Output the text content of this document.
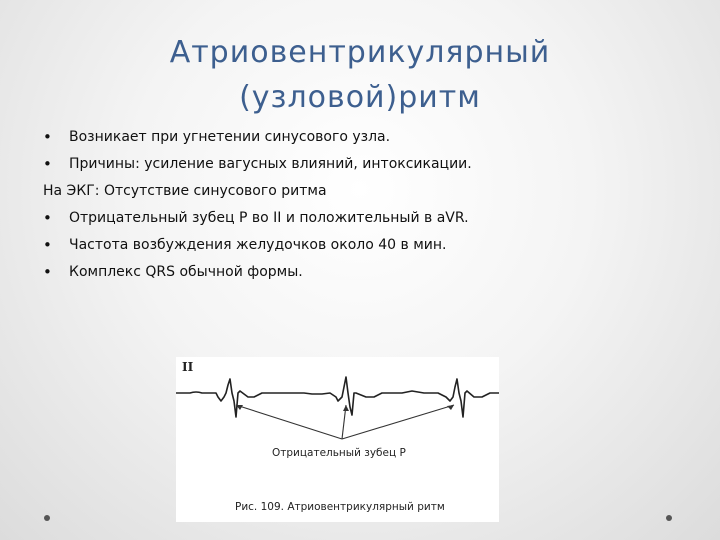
Атриовентрикулярный
(узловой)ритм
• Возникает при угнетении синусового узла.
• Причины: усиление вагусных влияний, интоксикации.
На ЭКГ: Отсутствие синусового ритма
• Отрицательный зубец P во II и положительный в aVR.
• Частота возбуждения желудочков около 40 в мин.
• Комплекс QRS обычной формы.
II
Отрицательный зубец P
Рис. 109. Атриовентрикулярный ритм
